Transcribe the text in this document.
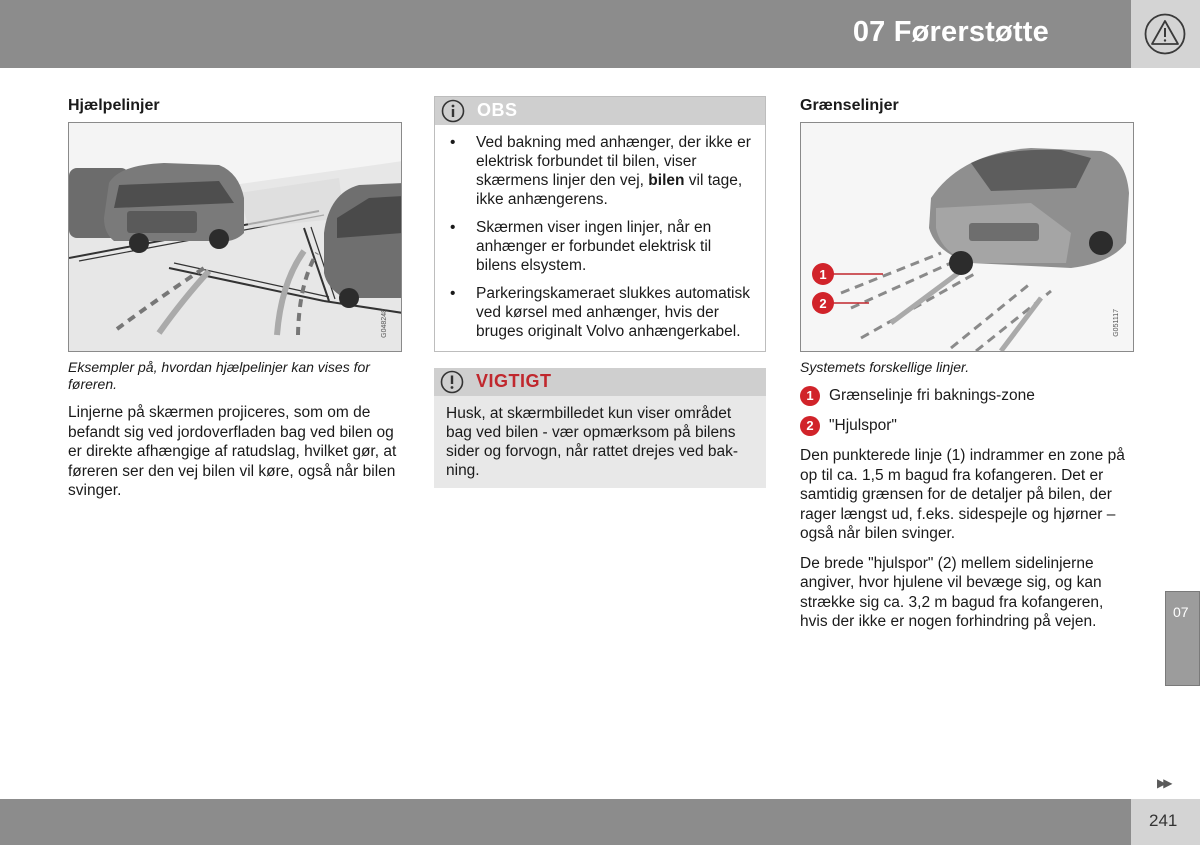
07 Førerstøtte
Hjælpelinjer
G048248
Eksempler på, hvordan hjælpelinjer kan vises for føreren.

Linjerne på skærmen projiceres, som om de befandt sig ved jordoverfladen bag ved bilen og er direkte afhængige af ratudslag, hvilket gør, at føreren ser den vej bilen vil køre, også når bilen svinger.

OBS
•	Ved bakning med anhænger, der ikke er elektrisk forbundet til bilen, viser skærmens linjer den vej, bilen vil tage, ikke anhængerens.
•	Skærmen viser ingen linjer, når en anhænger er forbundet elektrisk til bilens elsystem.
•	Parkeringskameraet slukkes automatisk ved kørsel med anhænger, hvis der bruges originalt Volvo anhængerkabel.
VIGTIGT
Husk, at skærmbilledet kun viser området bag ved bilen - vær opmærksom på bilens sider og forvogn, når rattet drejes ved bakning.
Grænselinjer
1
2
G051117
Systemets forskellige linjer.
1 Grænselinje fri baknings-zone
2 "Hjulspor"

Den punkterede linje (1) indrammer en zone på op til ca. 1,5 m bagud fra kofangeren. Det er samtidig grænsen for de detaljer på bilen, der rager længst ud, f.eks. sidespejle og hjørner – også når bilen svinger.

De brede "hjulspor" (2) mellem sidelinjerne angiver, hvor hjulene vil bevæge sig, og kan strække sig ca. 3,2 m bagud fra kofangeren, hvis der ikke er nogen forhindring på vejen.

07
▶▶
241
